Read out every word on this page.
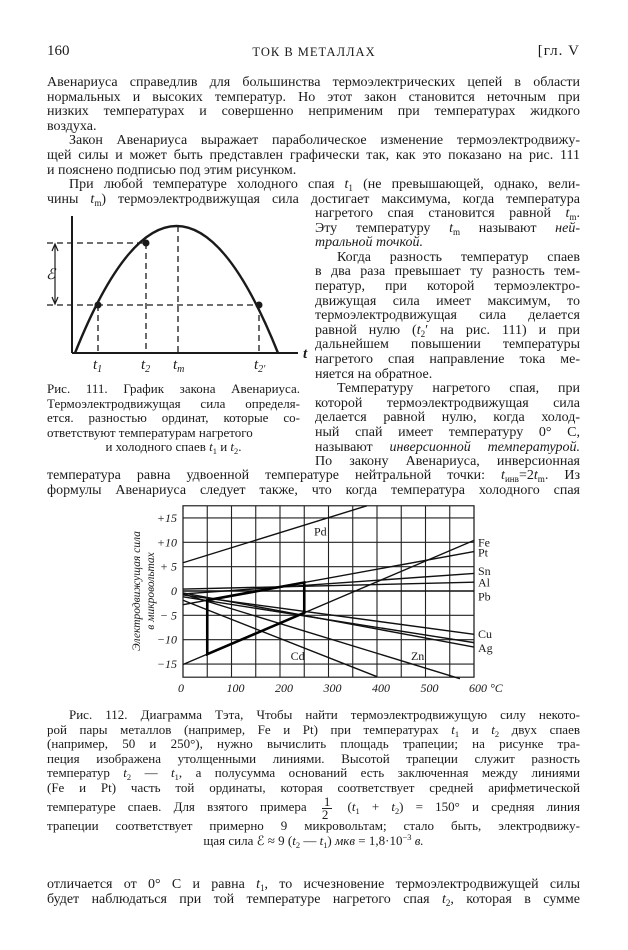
160	ТОК В МЕТАЛЛАХ	[гл. V
Авенариуса справедлив для большинства термоэлектрических цепей в области
нормальных и высоких температур. Но этот закон становится неточным при
низких температурах и совершенно неприменим при температурах жидкого
воздуха.
Закон Авенариуса выражает параболическое изменение термоэлектродвижу-
щей силы и может быть представлен графически так, как это показано на рис. 111
и пояснено подписью под этим рисунком.
При любой температуре холодного спая $t_1$ (не превышающей, однако, вели-
чины $t_m$) термоэлектродвижущая сила достигает максимума, когда температура
нагретого спая становится равной $t_m$.
Эту температуру $t_m$ называют ней-
тральной точкой.
Когда разность температур спаев
в два раза превышает ту разность тем-
ператур, при которой термоэлектро-
движущая сила имеет максимум, то
термоэлектродвижущая сила делается
равной нулю ($t_2'$ на рис. 111) и при
дальнейшем повышении температуры
нагретого спая направление тока ме-
няется на обратное.
Температуру нагретого спая, при
которой термоэлектродвижущая сила
делается равной нулю, когда холод-
ный спай имеет температуру 0° С,
называют инверсионной температурой.
По закону Авенариуса, инверсионная
температура равна удвоенной температуре нейтральной точки: $t_{инв}=2t_m$. Из
формулы Авенариуса следует также, что когда температура холодного спая
ℰ
t
$t_1$	$t_2$ $t_m$	$t_{2'}$
Рис. 111. График закона Авенариуса.
Термоэлектродвижущая сила определя-
ется. разностью ординат, которые со-
ответствуют температурам нагретого
и холодного спаев $t_1$ и $t_2$.
Pd
Fe
Pt
Sn
Al
Pb
Cu
Ag
Cd	Zn
+15
+10
+ 5
0
− 5
−10
−15
0	100	200	300	400	500	600 °C
Электродвижущая сила в микровольтах
Рис. 112. Диаграмма Тэта, Чтобы найти термоэлектродвижущую силу некото-
рой пары металлов (например, Fe и Pt) при температурах $t_1$ и $t_2$ двух спаев
(например, 50 и 250°), нужно вычислить площадь трапеции; на рисунке тра-
пеция изображена утолщенными линиями. Высотой трапеции служит разность
температур $t_2$ — $t_1$, а полусумма оснований есть заключенная между линиями
(Fe и Pt) часть той ординаты, которая соответствует средней арифметической
температуре спаев. Для взятого примера $\frac{1}{2} (t_1 + t_2) = 150^\circ$ и средняя линия
трапеции соответствует примерно 9 микровольтам; стало быть, электродвижу-
щая сила ℰ ≈ 9 ($t_2$ — $t_1$) мкв = $1,8\cdot 10^{-3}$ в.
отличается от 0° С и равна $t_1$, то исчезновение термоэлектродвижущей силы
будет наблюдаться при той температуре нагретого спая $t_2$, которая в сумме
